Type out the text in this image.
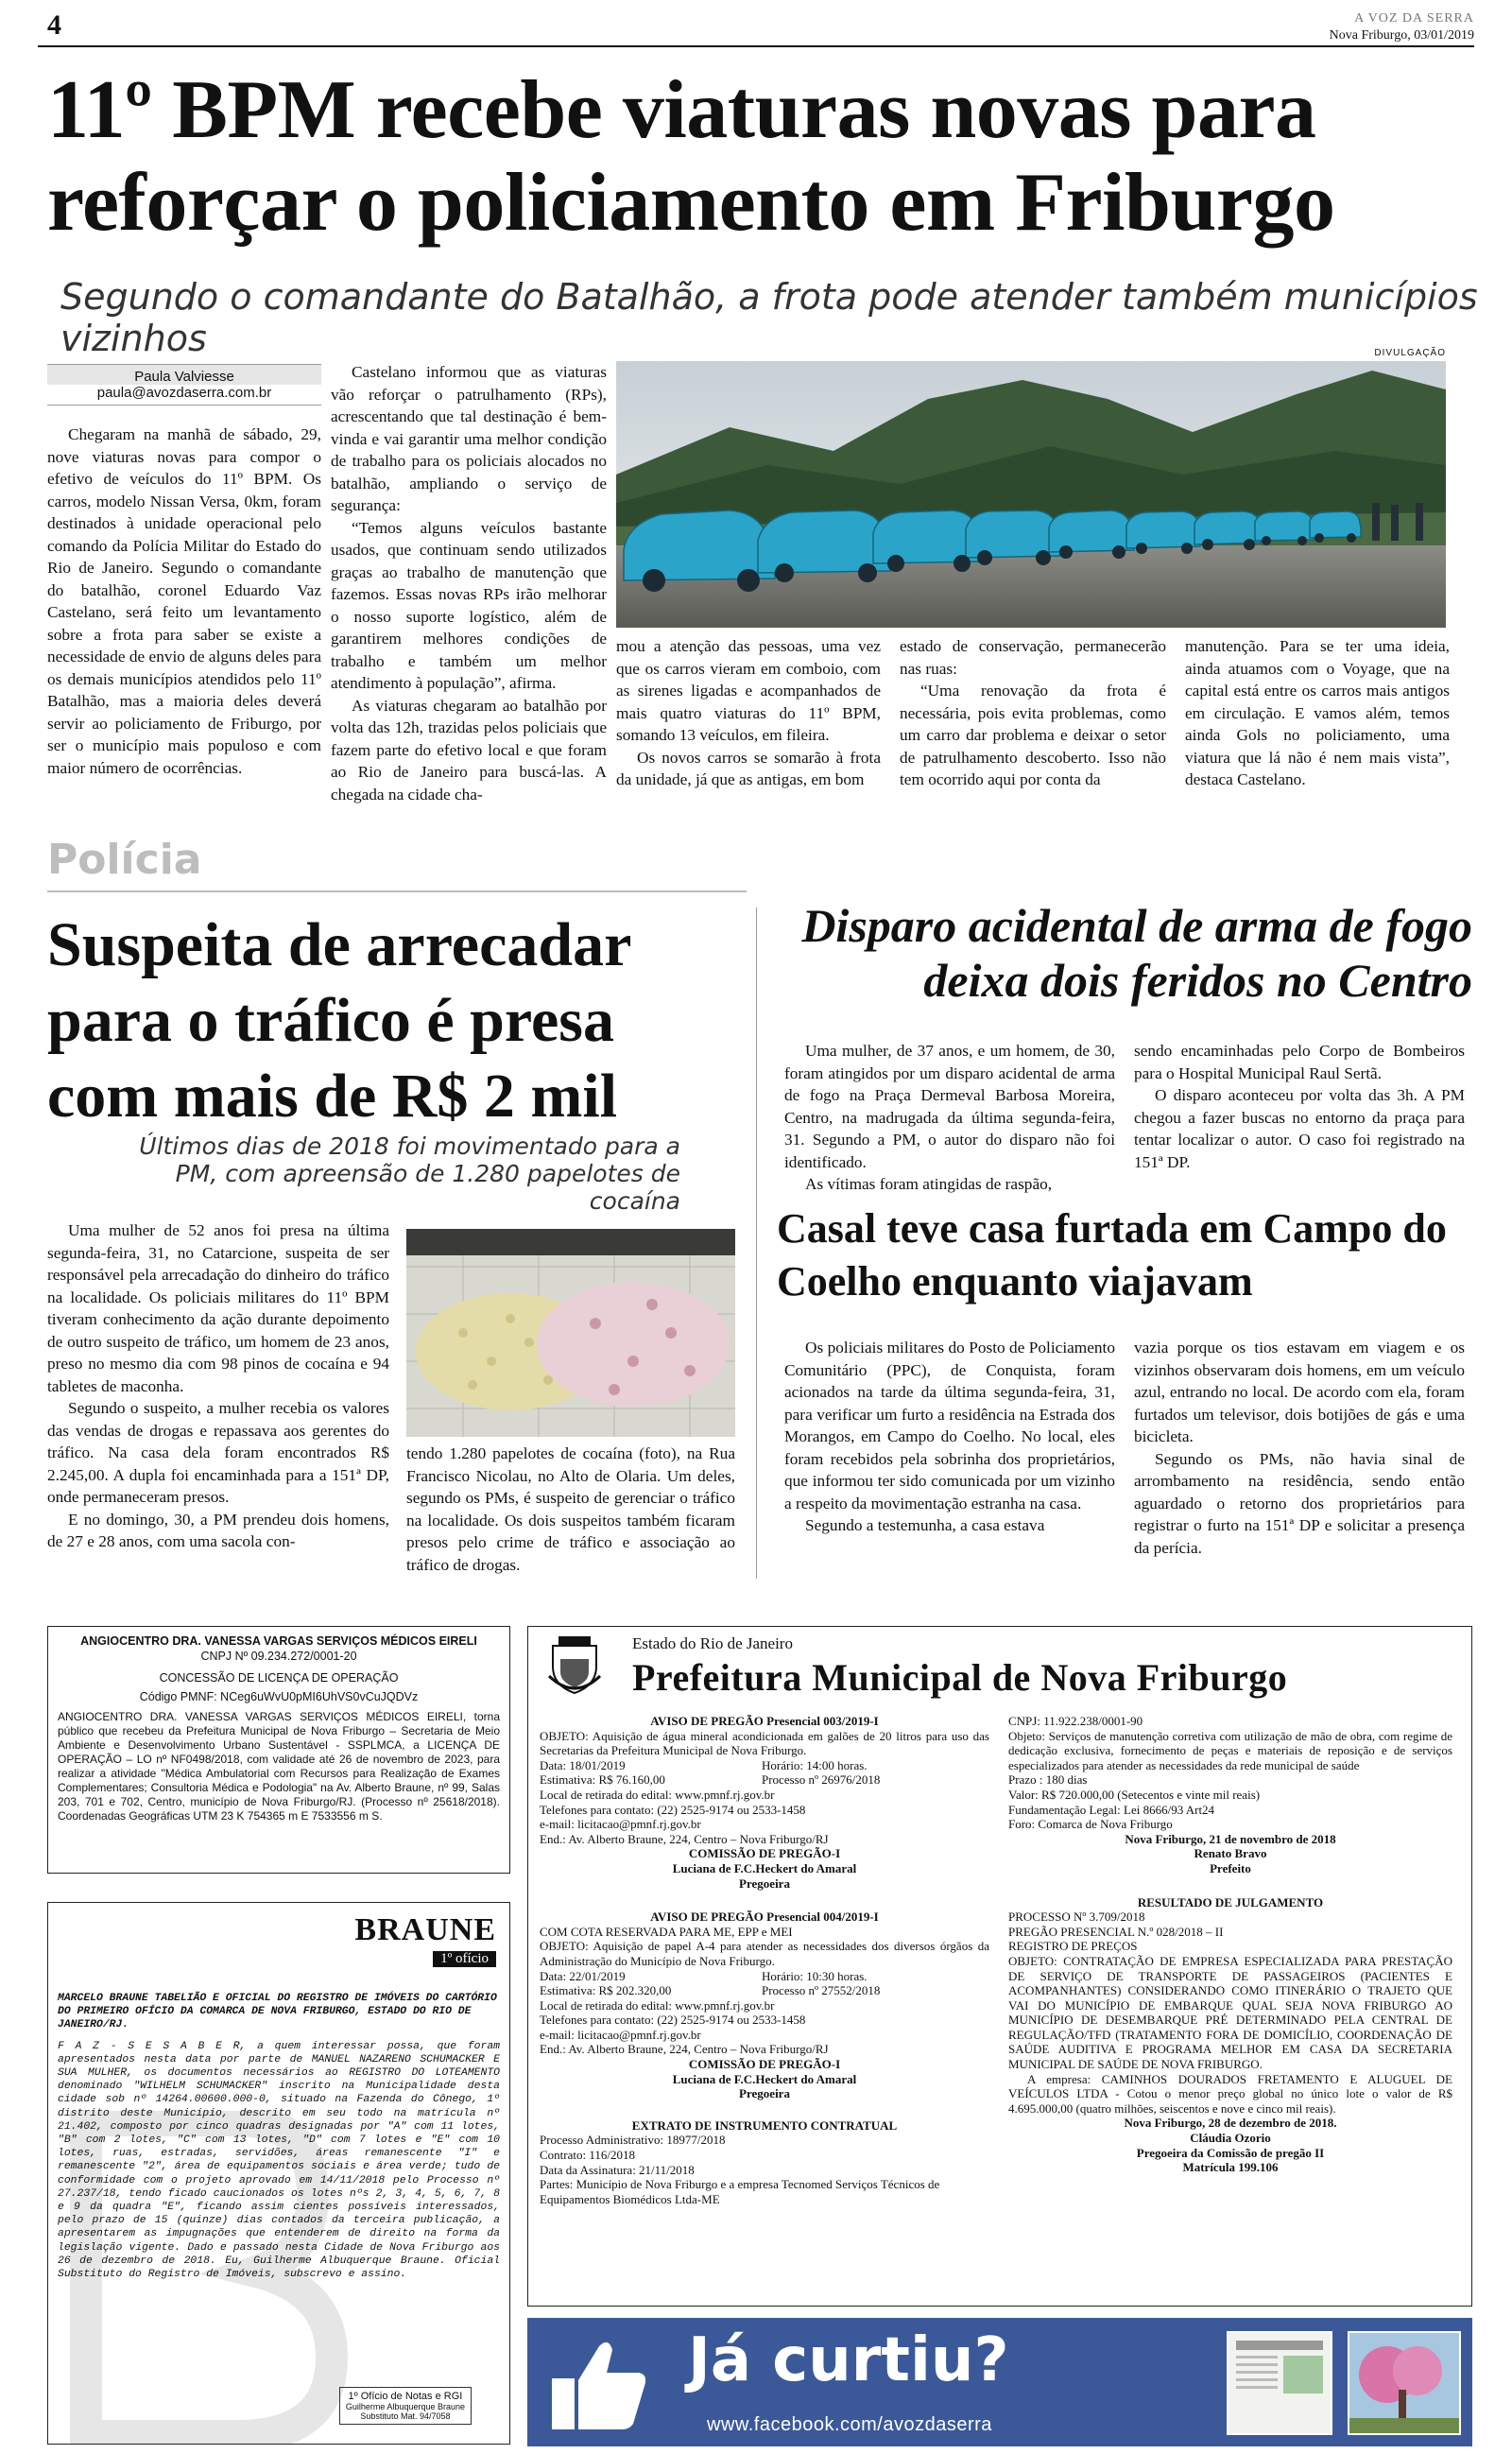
4	A VOZ DA SERRA
Nova Friburgo, 03/01/2019
11º BPM recebe viaturas novas para reforçar o policiamento em Friburgo
Segundo o comandante do Batalhão, a frota pode atender também municípios vizinhos
Paula Valviesse
paula@avozdaserra.com.br
Chegaram na manhã de sábado, 29, nove viaturas novas para compor o efetivo de veículos do 11º BPM. Os carros, modelo Nissan Versa, 0km, foram destinados à unidade operacional pelo comando da Polícia Militar do Estado do Rio de Janeiro. Segundo o comandante do batalhão, coronel Eduardo Vaz Castelano, será feito um levantamento sobre a frota para saber se existe a necessidade de envio de alguns deles para os demais municípios atendidos pelo 11º Batalhão, mas a maioria deles deverá servir ao policiamento de Friburgo, por ser o município mais populoso e com maior número de ocorrências.

Castelano informou que as viaturas vão reforçar o patrulhamento (RPs), acrescentando que tal destinação é bem-vinda e vai garantir uma melhor condição de trabalho para os policiais alocados no batalhão, ampliando o serviço de segurança:

“Temos alguns veículos bastante usados, que continuam sendo utilizados graças ao trabalho de manutenção que fazemos. Essas novas RPs irão melhorar o nosso suporte logístico, além de garantirem melhores condições de trabalho e também um melhor atendimento à população”, afirma.

As viaturas chegaram ao batalhão por volta das 12h, trazidas pelos policiais que fazem parte do efetivo local e que foram ao Rio de Janeiro para buscá-las. A chegada na cidade cha-

DIVULGAÇÃO

mou a atenção das pessoas, uma vez que os carros vieram em comboio, com as sirenes ligadas e acompanhados de mais quatro viaturas do 11º BPM, somando 13 veículos, em fileira.

Os novos carros se somarão à frota da unidade, já que as antigas, em bom

estado de conservação, permanecerão nas ruas:

“Uma renovação da frota é necessária, pois evita problemas, como um carro dar problema e deixar o setor de patrulhamento descoberto. Isso não tem ocorrido aqui por conta da

manutenção. Para se ter uma ideia, ainda atuamos com o Voyage, que na capital está entre os carros mais antigos em circulação. E vamos além, temos ainda Gols no policiamento, uma viatura que lá não é nem mais vista”, destaca Castelano.
Polícia
Suspeita de arrecadar para o tráfico é presa com mais de R$ 2 mil
Últimos dias de 2018 foi movimentado para a PM, com apreensão de 1.280 papelotes de cocaína

Uma mulher de 52 anos foi presa na última segunda-feira, 31, no Catarcione, suspeita de ser responsável pela arrecadação do dinheiro do tráfico na localidade. Os policiais militares do 11º BPM tiveram conhecimento da ação durante depoimento de outro suspeito de tráfico, um homem de 23 anos, preso no mesmo dia com 98 pinos de cocaína e 94 tabletes de maconha.

Segundo o suspeito, a mulher recebia os valores das vendas de drogas e repassava aos gerentes do tráfico. Na casa dela foram encontrados R$ 2.245,00. A dupla foi encaminhada para a 151ª DP, onde permaneceram presos.

E no domingo, 30, a PM prendeu dois homens, de 27 e 28 anos, com uma sacola con-

tendo 1.280 papelotes de cocaína (foto), na Rua Francisco Nicolau, no Alto de Olaria. Um deles, segundo os PMs, é suspeito de gerenciar o tráfico na localidade. Os dois suspeitos também ficaram presos pelo crime de tráfico e associação ao tráfico de drogas.
Disparo acidental de arma de fogo deixa dois feridos no Centro

Uma mulher, de 37 anos, e um homem, de 30, foram atingidos por um disparo acidental de arma de fogo na Praça Dermeval Barbosa Moreira, Centro, na madrugada da última segunda-feira, 31. Segundo a PM, o autor do disparo não foi identificado.

As vítimas foram atingidas de raspão,

sendo encaminhadas pelo Corpo de Bombeiros para o Hospital Municipal Raul Sertã.

O disparo aconteceu por volta das 3h. A PM chegou a fazer buscas no entorno da praça para tentar localizar o autor. O caso foi registrado na 151ª DP.

Casal teve casa furtada em Campo do Coelho enquanto viajavam

Os policiais militares do Posto de Policiamento Comunitário (PPC), de Conquista, foram acionados na tarde da última segunda-feira, 31, para verificar um furto a residência na Estrada dos Morangos, em Campo do Coelho. No local, eles foram recebidos pela sobrinha dos proprietários, que informou ter sido comunicada por um vizinho a respeito da movimentação estranha na casa.

Segundo a testemunha, a casa estava

vazia porque os tios estavam em viagem e os vizinhos observaram dois homens, em um veículo azul, entrando no local. De acordo com ela, foram furtados um televisor, dois botijões de gás e uma bicicleta.

Segundo os PMs, não havia sinal de arrombamento na residência, sendo então aguardado o retorno dos proprietários para registrar o furto na 151ª DP e solicitar a presença da perícia.

ANGIOCENTRO DRA. VANESSA VARGAS SERVIÇOS MÉDICOS EIRELI
CNPJ Nº 09.234.272/0001-20
CONCESSÃO DE LICENÇA DE OPERAÇÃO
Código PMNF: NCeg6uWvU0pMI6UhVS0vCuJQDVz
ANGIOCENTRO DRA. VANESSA VARGAS SERVIÇOS MÉDICOS EIRELI, torna público que recebeu da Prefeitura Municipal de Nova Friburgo – Secretaria de Meio Ambiente e Desenvolvimento Urbano Sustentável - SSPLMCA, a LICENÇA DE OPERAÇÃO – LO nº NF0498/2018, com validade até 26 de novembro de 2023, para realizar a atividade "Médica Ambulatorial com Recursos para Realização de Exames Complementares; Consultoria Médica e Podologia" na Av. Alberto Braune, nº 99, Salas 203, 701 e 702, Centro, município de Nova Friburgo/RJ. (Processo nº 25618/2018). Coordenadas Geográficas UTM 23 K 754365 m E 7533556 m S.
BRAUNE
1º ofício
MARCELO BRAUNE TABELIÃO E OFICIAL DO REGISTRO DE IMÓVEIS DO CARTÓRIO DO PRIMEIRO OFÍCIO DA COMARCA DE NOVA FRIBURGO, ESTADO DO RIO DE JANEIRO/RJ.
F A Z - S E S A B E R, a quem interessar possa, que foram apresentados nesta data por parte de MANUEL NAZARENO SCHUMACKER E SUA MULHER, os documentos necessários ao REGISTRO DO LOTEAMENTO denominado "WILHELM SCHUMACKER" inscrito na Municipalidade desta cidade sob nº 14264.00600.000-0, situado na Fazenda do Cônego, 1º distrito deste Município, descrito em seu todo na matrícula nº 21.402, composto por cinco quadras designadas por "A" com 11 lotes, "B" com 2 lotes, "C" com 13 lotes, "D" com 7 lotes e "E" com 10 lotes, ruas, estradas, servidões, áreas remanescente "I" e remanescente "2", área de equipamentos sociais e área verde; tudo de conformidade com o projeto aprovado em 14/11/2018 pelo Processo nº 27.237/18, tendo ficado caucionados os lotes nºs 2, 3, 4, 5, 6, 7, 8 e 9 da quadra "E", ficando assim cientes possíveis interessados, pelo prazo de 15 (quinze) dias contados da terceira publicação, a apresentarem as impugnações que entenderem de direito na forma da legislação vigente. Dado e passado nesta Cidade de Nova Friburgo aos 26 de dezembro de 2018. Eu, Guilherme Albuquerque Braune. Oficial Substituto do Registro de Imóveis, subscrevo e assino.
1º Ofício de Notas e RGI
Guilherme Albuquerque Braune
Substituto Mat. 94/7058
Estado do Rio de Janeiro
Prefeitura Municipal de Nova Friburgo
AVISO DE PREGÃO Presencial 003/2019-I
OBJETO: Aquisição de água mineral acondicionada em galões de 20 litros para uso das Secretarias da Prefeitura Municipal de Nova Friburgo.
Data: 18/01/2019	Horário: 14:00 horas.
Estimativa: R$ 76.160,00	Processo nº 26976/2018
Local de retirada do edital: www.pmnf.rj.gov.br
Telefones para contato: (22) 2525-9174 ou 2533-1458
e-mail: licitacao@pmnf.rj.gov.br
End.: Av. Alberto Braune, 224, Centro – Nova Friburgo/RJ
COMISSÃO DE PREGÃO-I
Luciana de F.C.Heckert do Amaral
Pregoeira
AVISO DE PREGÃO Presencial 004/2019-I
COM COTA RESERVADA PARA ME, EPP e MEI
OBJETO: Aquisição de papel A-4 para atender as necessidades dos diversos órgãos da Administração do Município de Nova Friburgo.
Data: 22/01/2019	Horário: 10:30 horas.
Estimativa: R$ 202.320,00	Processo nº 27552/2018
Local de retirada do edital: www.pmnf.rj.gov.br
Telefones para contato: (22) 2525-9174 ou 2533-1458
e-mail: licitacao@pmnf.rj.gov.br
End.: Av. Alberto Braune, 224, Centro – Nova Friburgo/RJ
COMISSÃO DE PREGÃO-I
Luciana de F.C.Heckert do Amaral
Pregoeira
EXTRATO DE INSTRUMENTO CONTRATUAL
Processo Administrativo: 18977/2018
Contrato: 116/2018
Data da Assinatura: 21/11/2018
Partes: Município de Nova Friburgo e a empresa Tecnomed Serviços Técnicos de Equipamentos Biomédicos Ltda-ME
CNPJ: 11.922.238/0001-90
Objeto: Serviços de manutenção corretiva com utilização de mão de obra, com regime de dedicação exclusiva, fornecimento de peças e materiais de reposição e de serviços especializados para atender as necessidades da rede municipal de saúde
Prazo : 180 dias
Valor: R$ 720.000,00 (Setecentos e vinte mil reais)
Fundamentação Legal: Lei 8666/93 Art24
Foro: Comarca de Nova Friburgo
Nova Friburgo, 21 de novembro de 2018
Renato Bravo
Prefeito
RESULTADO DE JULGAMENTO
PROCESSO Nº 3.709/2018
PREGÃO PRESENCIAL N.º 028/2018 – II
REGISTRO DE PREÇOS
OBJETO: CONTRATAÇÃO DE EMPRESA ESPECIALIZADA PARA PRESTAÇÃO DE SERVIÇO DE TRANSPORTE DE PASSAGEIROS (PACIENTES E ACOMPANHANTES) CONSIDERANDO COMO ITINERÁRIO O TRAJETO QUE VAI DO MUNICÍPIO DE EMBARQUE QUAL SEJA NOVA FRIBURGO AO MUNICÍPIO DE DESEMBARQUE PRÉ DETERMINADO PELA CENTRAL DE REGULAÇÃO/TFD (TRATAMENTO FORA DE DOMICÍLIO, COORDENAÇÃO DE SAÚDE AUDITIVA E PROGRAMA MELHOR EM CASA DA SECRETARIA MUNICIPAL DE SAÚDE DE NOVA FRIBURGO.
A empresa: CAMINHOS DOURADOS FRETAMENTO E ALUGUEL DE VEÍCULOS LTDA - Cotou o menor preço global no único lote o valor de R$ 4.695.000,00 (quatro milhões, seiscentos e nove e cinco mil reais).
Nova Friburgo, 28 de dezembro de 2018.
Cláudia Ozorio
Pregoeira da Comissão de pregão II
Matrícula 199.106
Já curtiu?
www.facebook.com/avozdaserra
